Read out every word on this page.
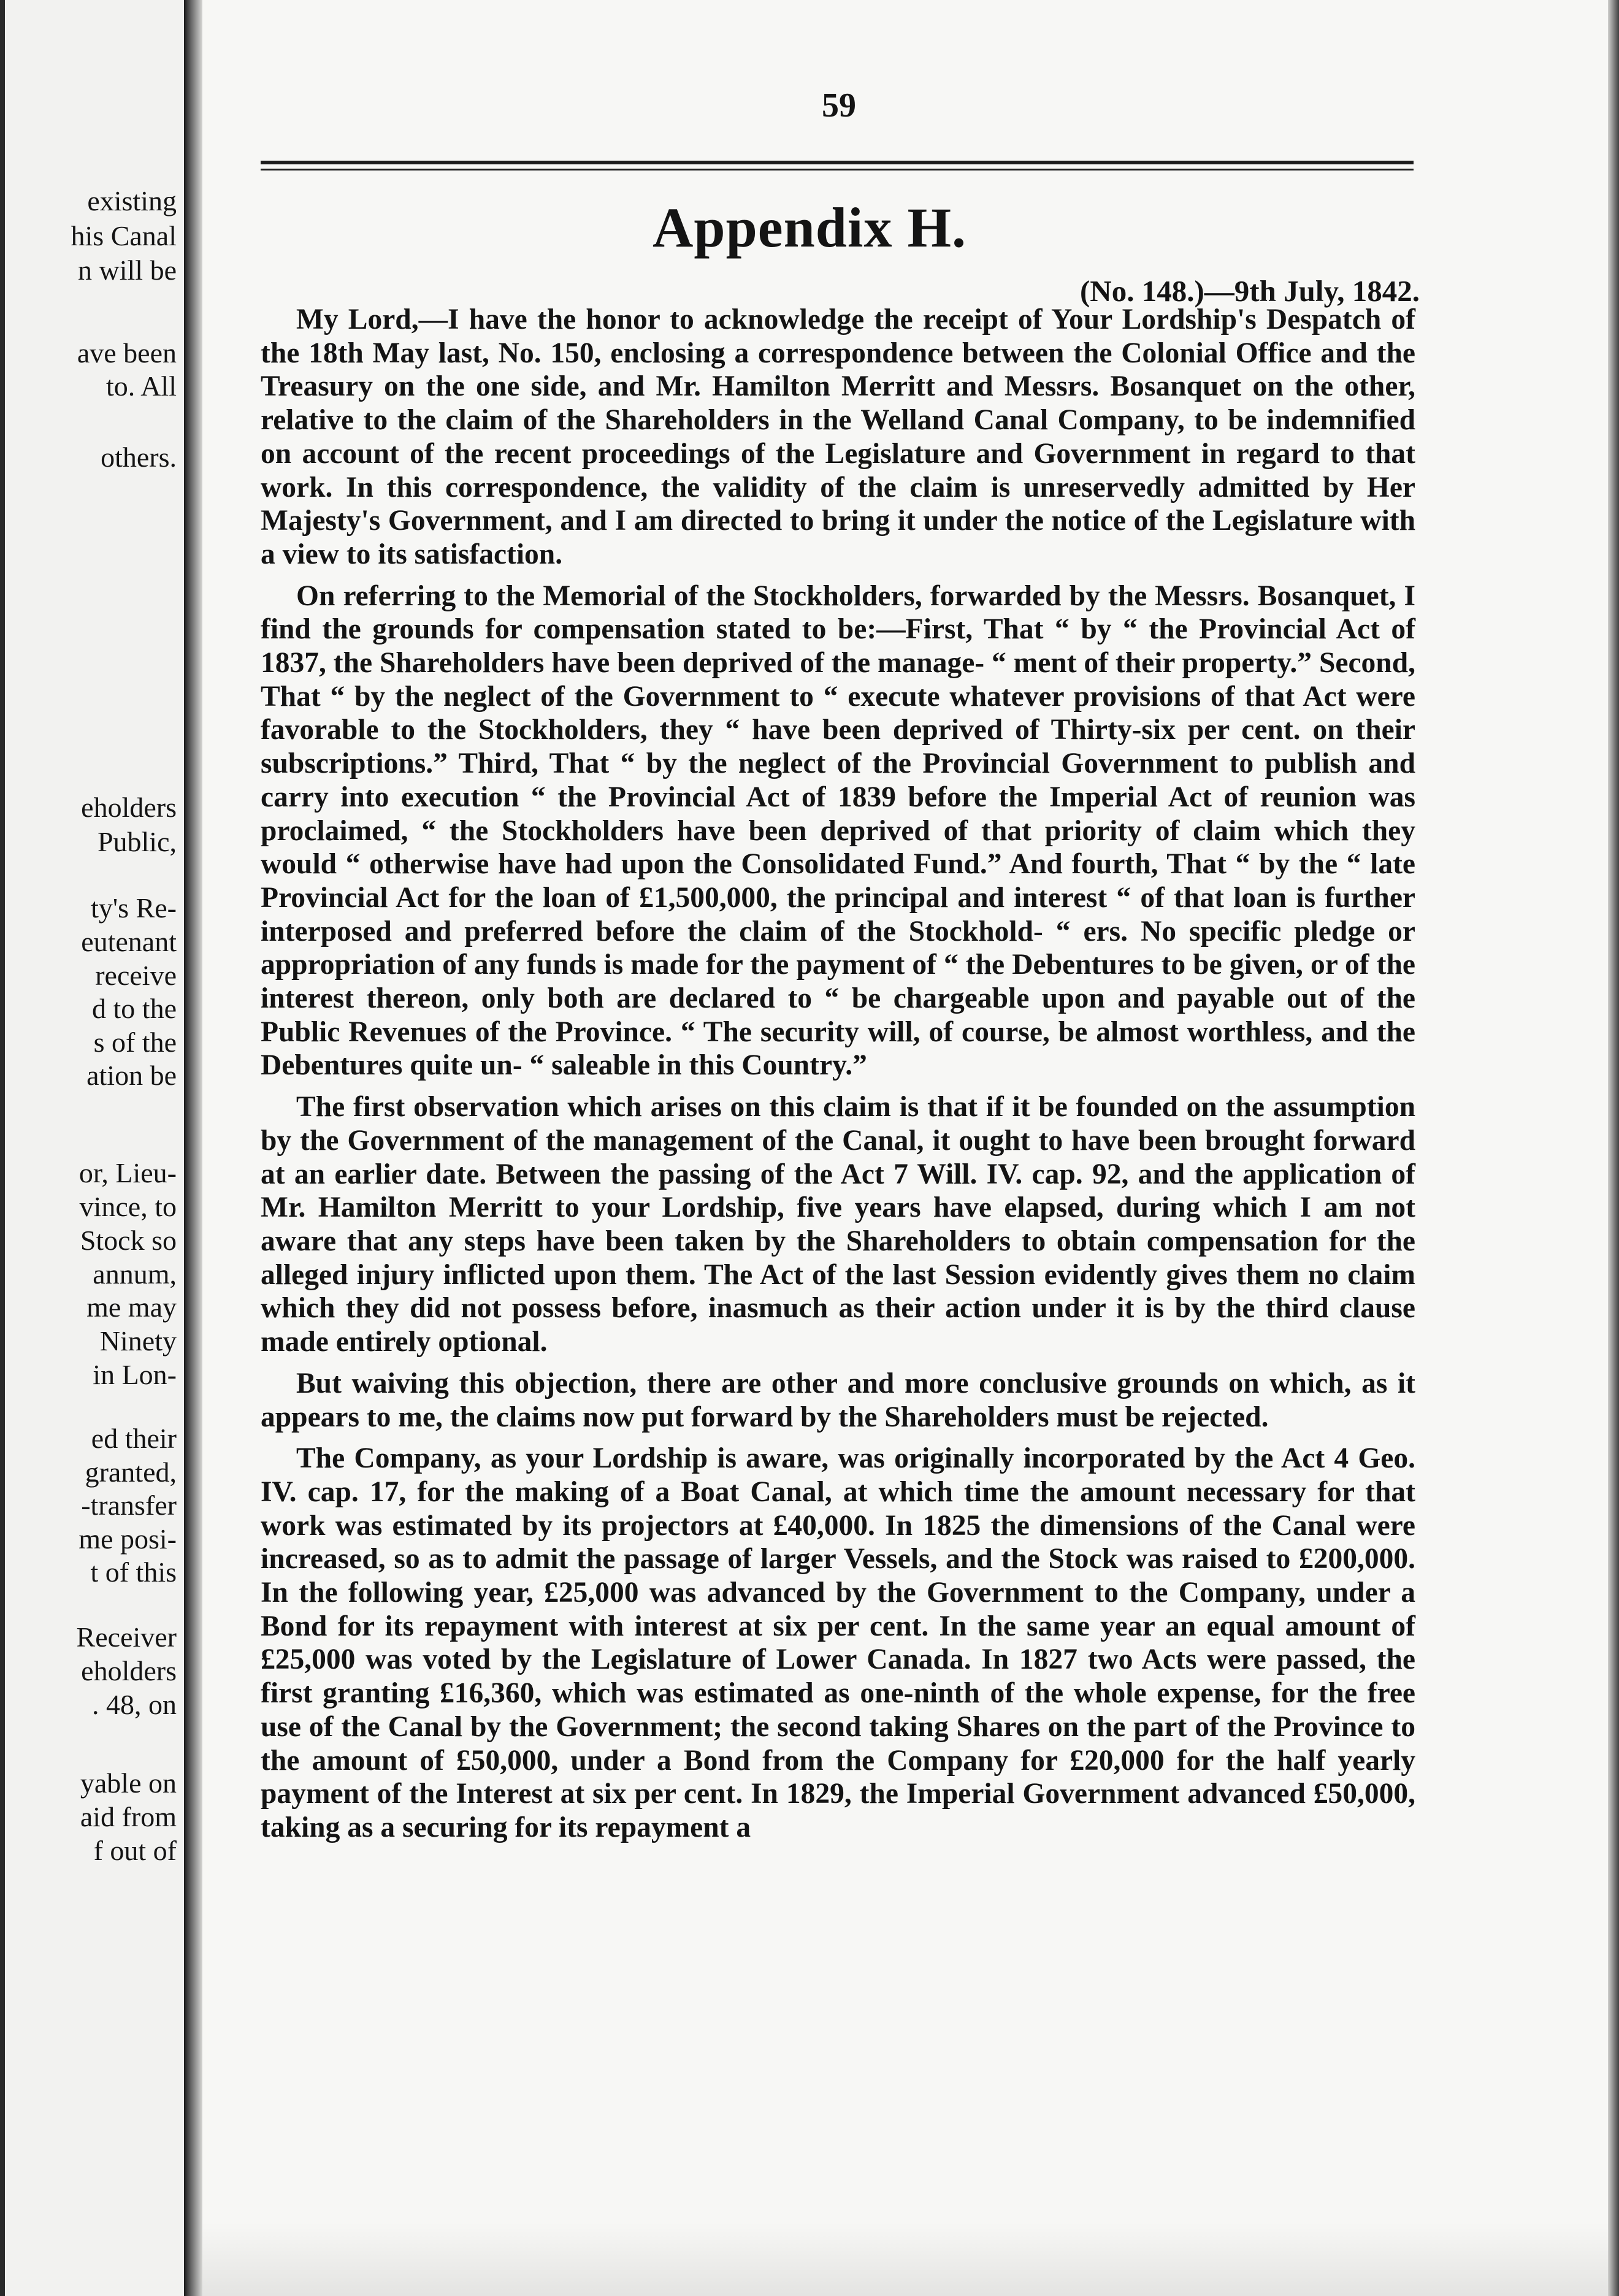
existing
his Canal
n will be
ave been
to. All
others.
eholders
Public,
ty's Re-
eutenant
receive
d to the
s of the
ation be
or, Lieu-
vince, to
Stock so
annum,
me may
Ninety
in Lon-
ed their
granted,
-transfer
me posi-
t of this
Receiver
eholders
. 48, on
yable on
aid from
f out of
59
Appendix H.
(No. 148.)—9th July, 1842.

My Lord,—I have the honor to acknowledge the receipt of Your Lordship's Despatch of the 18th May last, No. 150, enclosing a correspondence between the Colonial Office and the Treasury on the one side, and Mr. Hamilton Merritt and Messrs. Bosanquet on the other, relative to the claim of the Shareholders in the Welland Canal Company, to be indemnified on account of the recent proceedings of the Legislature and Government in regard to that work. In this correspondence, the validity of the claim is unreservedly admitted by Her Majesty's Government, and I am directed to bring it under the notice of the Legislature with a view to its satisfaction.

On referring to the Memorial of the Stockholders, forwarded by the Messrs. Bosanquet, I find the grounds for compensation stated to be:—First, That “ by “ the Provincial Act of 1837, the Shareholders have been deprived of the manage- “ ment of their property.” Second, That “ by the neglect of the Government to “ execute whatever provisions of that Act were favorable to the Stockholders, they “ have been deprived of Thirty-six per cent. on their subscriptions.” Third, That “ by the neglect of the Provincial Government to publish and carry into execution “ the Provincial Act of 1839 before the Imperial Act of reunion was proclaimed, “ the Stockholders have been deprived of that priority of claim which they would “ otherwise have had upon the Consolidated Fund.” And fourth, That “ by the “ late Provincial Act for the loan of £1,500,000, the principal and interest “ of that loan is further interposed and preferred before the claim of the Stockhold- “ ers. No specific pledge or appropriation of any funds is made for the payment of “ the Debentures to be given, or of the interest thereon, only both are declared to “ be chargeable upon and payable out of the Public Revenues of the Province. “ The security will, of course, be almost worthless, and the Debentures quite un- “ saleable in this Country.”

The first observation which arises on this claim is that if it be founded on the assumption by the Government of the management of the Canal, it ought to have been brought forward at an earlier date. Between the passing of the Act 7 Will. IV. cap. 92, and the application of Mr. Hamilton Merritt to your Lordship, five years have elapsed, during which I am not aware that any steps have been taken by the Shareholders to obtain compensation for the alleged injury inflicted upon them. The Act of the last Session evidently gives them no claim which they did not possess before, inasmuch as their action under it is by the third clause made entirely optional.

But waiving this objection, there are other and more conclusive grounds on which, as it appears to me, the claims now put forward by the Shareholders must be rejected.

The Company, as your Lordship is aware, was originally incorporated by the Act 4 Geo. IV. cap. 17, for the making of a Boat Canal, at which time the amount necessary for that work was estimated by its projectors at £40,000. In 1825 the dimensions of the Canal were increased, so as to admit the passage of larger Vessels, and the Stock was raised to £200,000. In the following year, £25,000 was advanced by the Government to the Company, under a Bond for its repayment with interest at six per cent. In the same year an equal amount of £25,000 was voted by the Legislature of Lower Canada. In 1827 two Acts were passed, the first granting £16,360, which was estimated as one-ninth of the whole expense, for the free use of the Canal by the Government; the second taking Shares on the part of the Province to the amount of £50,000, under a Bond from the Company for £20,000 for the half yearly payment of the Interest at six per cent. In 1829, the Imperial Government advanced £50,000, taking as a securing for its repayment a
